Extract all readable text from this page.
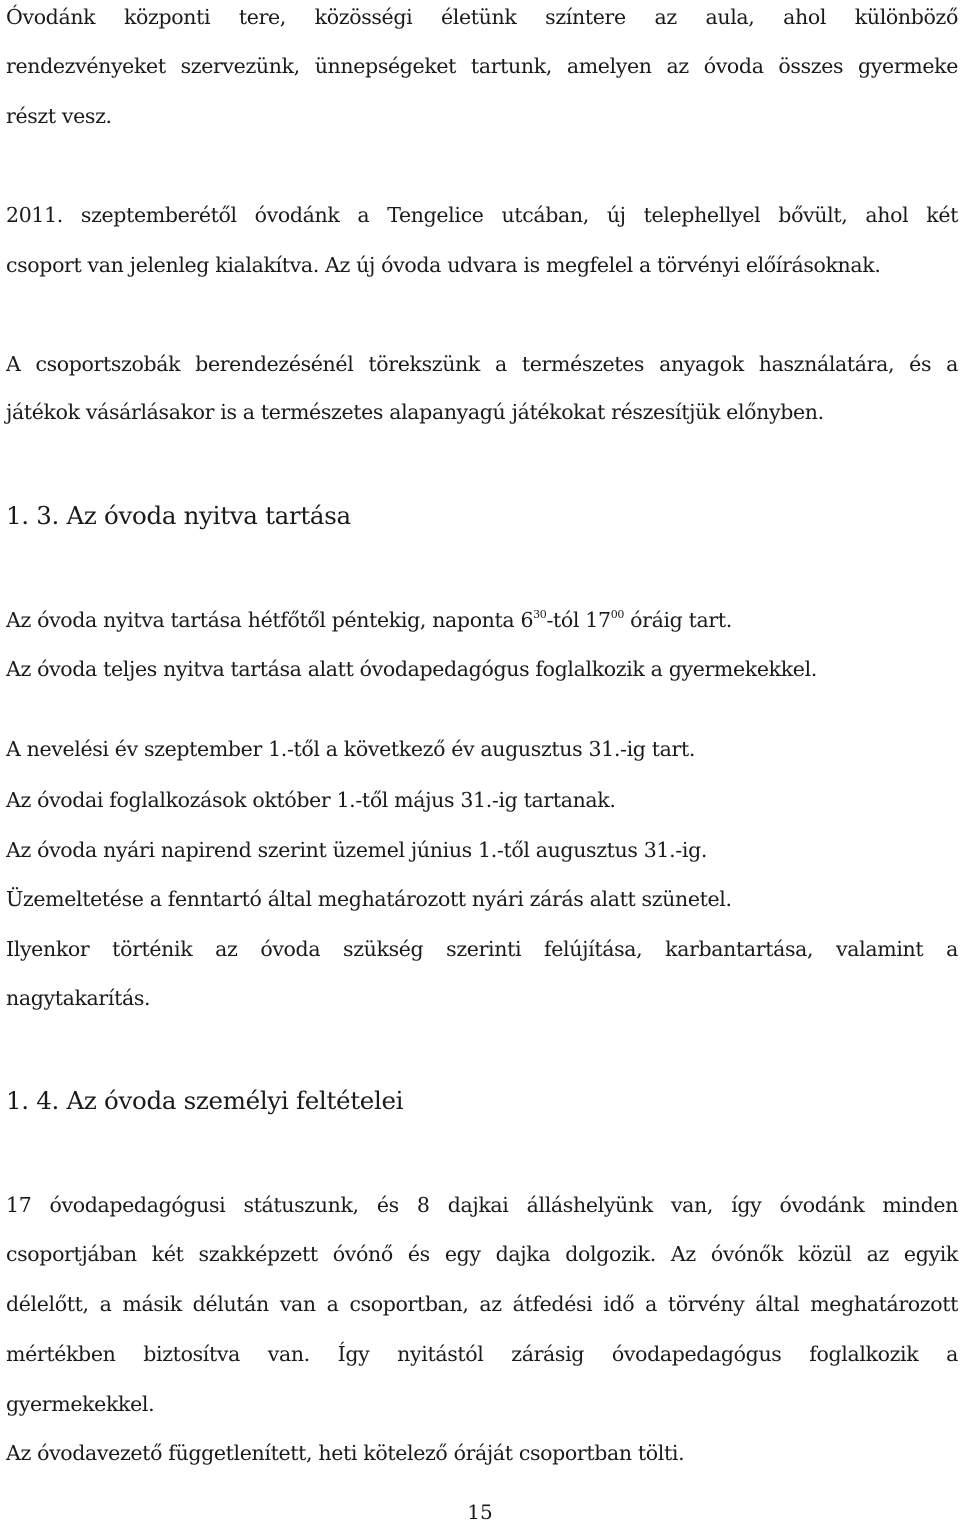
Óvodánk központi tere, közösségi életünk színtere az aula, ahol különböző
rendezvényeket szervezünk, ünnepségeket tartunk, amelyen az óvoda összes gyermeke
részt vesz.
2011. szeptemberétől óvodánk a Tengelice utcában, új telephellyel bővült, ahol két
csoport van jelenleg kialakítva. Az új óvoda udvara is megfelel a törvényi előírásoknak.
A csoportszobák berendezésénél törekszünk a természetes anyagok használatára, és a
játékok vásárlásakor is a természetes alapanyagú játékokat részesítjük előnyben.
1. 3. Az óvoda nyitva tartása
Az óvoda nyitva tartása hétfőtől péntekig, naponta $6^{30}$-tól $17^{00}$ óráig tart.
Az óvoda teljes nyitva tartása alatt óvodapedagógus foglalkozik a gyermekekkel.
A nevelési év szeptember 1.-től a következő év augusztus 31.-ig tart.
Az óvodai foglalkozások október 1.-től május 31.-ig tartanak.
Az óvoda nyári napirend szerint üzemel június 1.-től augusztus 31.-ig.
Üzemeltetése a fenntartó által meghatározott nyári zárás alatt szünetel.
Ilyenkor történik az óvoda szükség szerinti felújítása, karbantartása, valamint a
nagytakarítás.
1. 4. Az óvoda személyi feltételei
17 óvodapedagógusi státuszunk, és 8 dajkai álláshelyünk van, így óvodánk minden
csoportjában két szakképzett óvónő és egy dajka dolgozik. Az óvónők közül az egyik
délelőtt, a másik délután van a csoportban, az átfedési idő a törvény által meghatározott
mértékben biztosítva van. Így nyitástól zárásig óvodapedagógus foglalkozik a
gyermekekkel.
Az óvodavezető függetlenített, heti kötelező óráját csoportban tölti.
15
